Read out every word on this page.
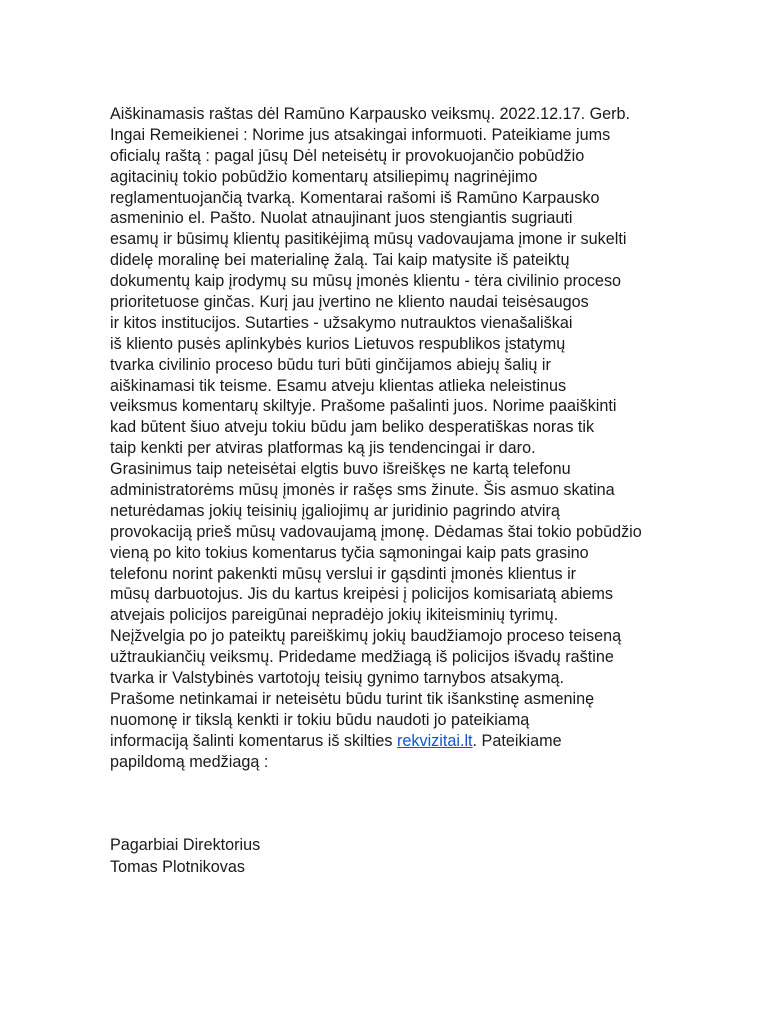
Aiškinamasis raštas dėl Ramūno Karpausko veiksmų. 2022.12.17. Gerb.
Ingai Remeikienei : Norime jus atsakingai informuoti. Pateikiame jums
oficialų raštą : pagal jūsų Dėl neteisėtų ir provokuojančio pobūdžio
agitacinių tokio pobūdžio komentarų atsiliepimų nagrinėjimo
reglamentuojančią tvarką. Komentarai rašomi iš Ramūno Karpausko
asmeninio el. Pašto. Nuolat atnaujinant juos stengiantis sugriauti
esamų ir būsimų klientų pasitikėjimą mūsų vadovaujama įmone ir sukelti
didelę moralinę bei materialinę žalą. Tai kaip matysite iš pateiktų
dokumentų kaip įrodymų su mūsų įmonės klientu - tėra civilinio proceso
prioritetuose ginčas. Kurį jau įvertino ne kliento naudai teisėsaugos
ir kitos institucijos. Sutarties - užsakymo nutrauktos vienašališkai
iš kliento pusės aplinkybės kurios Lietuvos respublikos įstatymų
tvarka civilinio proceso būdu turi būti ginčijamos abiejų šalių ir
aiškinamasi tik teisme. Esamu atveju klientas atlieka neleistinus
veiksmus komentarų skiltyje. Prašome pašalinti juos. Norime paaiškinti
kad būtent šiuo atveju tokiu būdu jam beliko desperatiškas noras tik
taip kenkti per atviras platformas ką jis tendencingai ir daro.
Grasinimus taip neteisėtai elgtis buvo išreiškęs ne kartą telefonu
administratorėms mūsų įmonės ir rašęs sms žinute. Šis asmuo skatina
neturėdamas jokių teisinių įgaliojimų ar juridinio pagrindo atvirą
provokaciją prieš mūsų vadovaujamą įmonę. Dėdamas štai tokio pobūdžio
vieną po kito tokius komentarus tyčia sąmoningai kaip pats grasino
telefonu norint pakenkti mūsų verslui ir gąsdinti įmonės klientus ir
mūsų darbuotojus. Jis du kartus kreipėsi į policijos komisariatą abiems
atvejais policijos pareigūnai nepradėjo jokių ikiteisminių tyrimų.
Neįžvelgia po jo pateiktų pareiškimų jokių baudžiamojo proceso teiseną
užtraukiančių veiksmų. Pridedame medžiagą iš policijos išvadų raštine
tvarka ir Valstybinės vartotojų teisių gynimo tarnybos atsakymą.
Prašome netinkamai ir neteisėtu būdu turint tik išankstinę asmeninę
nuomonę ir tikslą kenkti ir tokiu būdu naudoti jo pateikiamą
informaciją šalinti komentarus iš skilties rekvizitai.lt. Pateikiame
papildomą medžiagą :
Pagarbiai Direktorius
Tomas Plotnikovas
